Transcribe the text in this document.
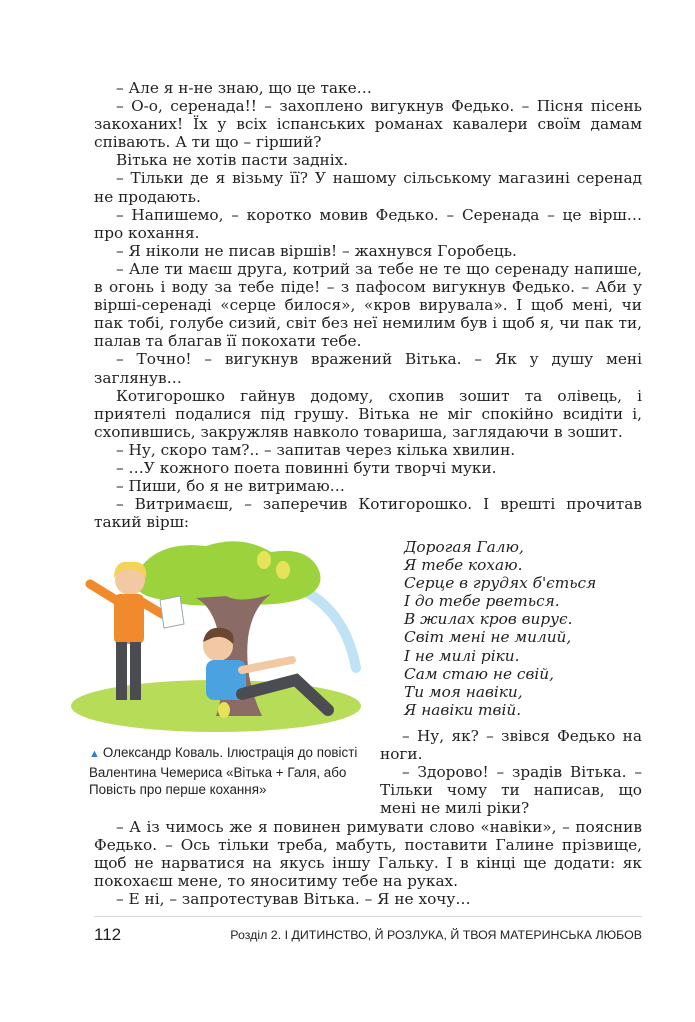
– Але я н-не знаю, що це таке…

– О-о, серенада!! – захоплено вигукнув Федько. – Пісня пісень закоханих! Їх у всіх іспанських романах кавалери своїм дамам співають. А ти що – гірший?

Вітька не хотів пасти задніх.

– Тільки де я візьму її? У нашому сільському магазині серенад не продають.

– Напишемо, – коротко мовив Федько. – Серенада – це вірш… про кохання.

– Я ніколи не писав віршів! – жахнувся Горобець.

– Але ти маєш друга, котрий за тебе не те що серенаду напише, в огонь і воду за тебе піде! – з пафосом вигукнув Федько. – Аби у вірші-серенаді «серце билося», «кров вирувала». І щоб мені, чи пак тобі, голубе сизий, світ без неї немилим був і щоб я, чи пак ти, палав та благав її покохати тебе.

– Точно! – вигукнув вражений Вітька. – Як у душу мені заглянув…

Котигорошко гайнув додому, схопив зошит та олівець, і приятелі подалися під грушу. Вітька не міг спокійно всидіти і, схопившись, закружляв навколо товариша, заглядаючи в зошит.

– Ну, скоро там?.. – запитав через кілька хвилин.

– …У кожного поета повинні бути творчі муки.

– Пиши, бо я не витримаю…

– Витримаєш, – заперечив Котигорошко. І врешті прочитав такий вірш:

▲ Олександр Коваль. Ілюстрація до повісті Валентина Чемериса «Вітька + Галя, або Повість про перше кохання»
Дорогая Галю,
Я тебе кохаю.
Серце в грудях б'ється
І до тебе рветься.
В жилах кров вирує.
Світ мені не милий,
І не милі ріки.
Сам стаю не свій,
Ти моя навіки,
Я навіки твій.

– Ну, як? – звівся Федько на ноги.

– Здорово! – зрадів Вітька. – Тільки чому ти написав, що мені не милі ріки?

– А із чимось же я повинен римувати слово «навіки», – пояснив Федько. – Ось тільки треба, мабуть, поставити Галине прізвище, щоб не нарватися на якусь іншу Гальку. І в кінці ще додати: як покохаєш мене, то яноситиму тебе на руках.

– Е ні, – запротестував Вітька. – Я не хочу…

112	Розділ 2. І ДИТИНСТВО, Й РОЗЛУКА, Й ТВОЯ МАТЕРИНСЬКА ЛЮБОВ
